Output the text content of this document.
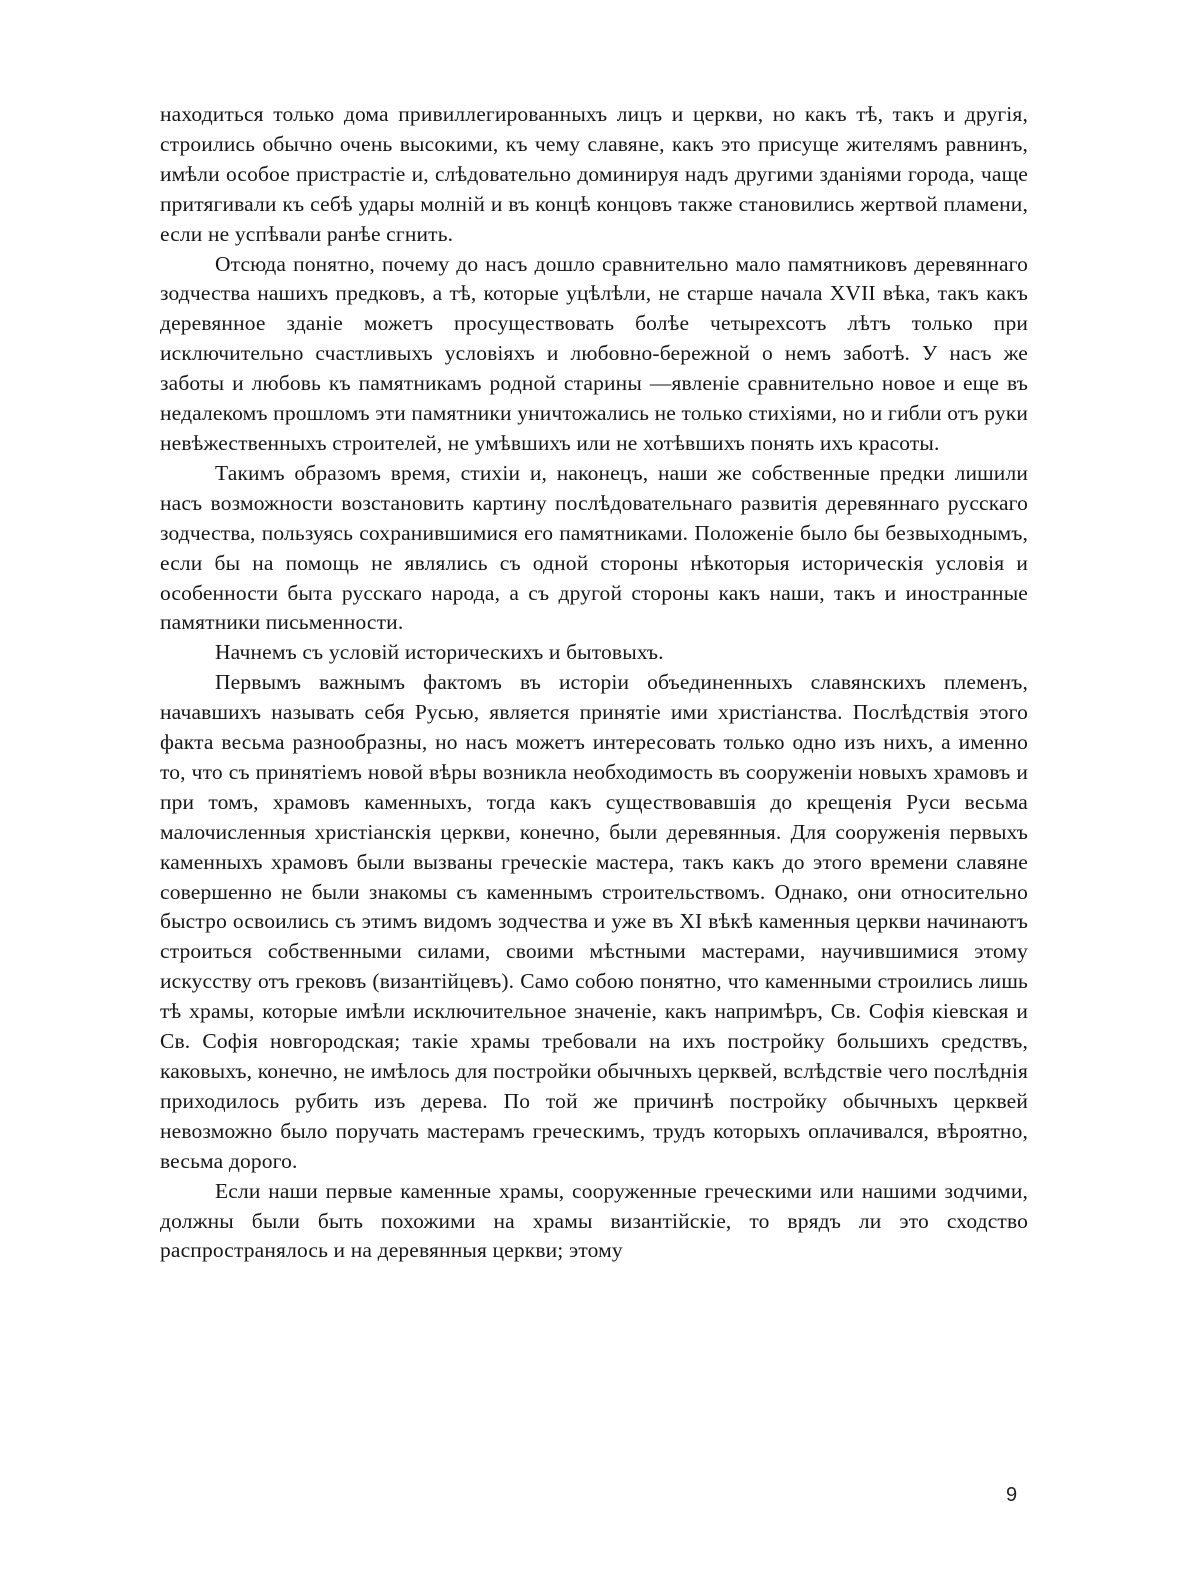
находиться только дома привиллегированныхъ лицъ и церкви, но какъ тѣ, такъ и другія, строились обычно очень высокими, къ чему славяне, какъ это присуще жителямъ равнинъ, имѣли особое пристрастіе и, слѣдовательно доминируя надъ другими зданіями города, чаще притягивали къ себѣ удары молній и въ концѣ концовъ также становились жертвой пламени, если не успѣвали ранѣе сгнить.

Отсюда понятно, почему до насъ дошло сравнительно мало памятниковъ деревяннаго зодчества нашихъ предковъ, а тѣ, которые уцѣлѣли, не старше начала XVII вѣка, такъ какъ деревянное зданіе можетъ просуществовать болѣе четырехсотъ лѣтъ только при исключительно счастливыхъ условіяхъ и любовно-бережной о немъ заботѣ. У насъ же заботы и любовь къ памятникамъ родной старины —явленіе сравнительно новое и еще въ недалекомъ прошломъ эти памятники уничтожались не только стихіями, но и гибли отъ руки невѣжественныхъ строителей, не умѣвшихъ или не хотѣвшихъ понять ихъ красоты.

Такимъ образомъ время, стихіи и, наконецъ, наши же собственные предки лишили насъ возможности возстановить картину послѣдовательнаго развитія деревяннаго русскаго зодчества, пользуясь сохранившимися его памятниками. Положеніе было бы безвыходнымъ, если бы на помощь не являлись съ одной стороны нѣкоторыя историческія условія и особенности быта русскаго народа, а съ другой стороны какъ наши, такъ и иностранные памятники письменности.

Начнемъ съ условій историческихъ и бытовыхъ.

Первымъ важнымъ фактомъ въ исторіи объединенныхъ славянскихъ племенъ, начавшихъ называть себя Русью, является принятіе ими христіанства. Послѣдствія этого факта весьма разнообразны, но насъ можетъ интересовать только одно изъ нихъ, а именно то, что съ принятіемъ новой вѣры возникла необходимость въ сооруженіи новыхъ храмовъ и при томъ, храмовъ каменныхъ, тогда какъ существовавшія до крещенія Руси весьма малочисленныя христіанскія церкви, конечно, были деревянныя. Для сооруженія первыхъ каменныхъ храмовъ были вызваны греческіе мастера, такъ какъ до этого времени славяне совершенно не были знакомы съ каменнымъ строительствомъ. Однако, они относительно быстро освоились съ этимъ видомъ зодчества и уже въ XI вѣкѣ каменныя церкви начинаютъ строиться собственными силами, своими мѣстными мастерами, научившимися этому искусству отъ грековъ (византійцевъ). Само собою понятно, что каменными строились лишь тѣ храмы, которые имѣли исключительное значеніе, какъ напримѣръ, Св. Софія кіевская и Св. Софія новгородская; такіе храмы требовали на ихъ постройку большихъ средствъ, каковыхъ, конечно, не имѣлось для постройки обычныхъ церквей, вслѣдствіе чего послѣднія приходилось рубить изъ дерева. По той же причинѣ постройку обычныхъ церквей невозможно было поручать мастерамъ греческимъ, трудъ которыхъ оплачивался, вѣроятно, весьма дорого.

Если наши первые каменные храмы, сооруженные греческими или нашими зодчими, должны были быть похожими на храмы византійскіе, то врядъ ли это сходство распространялось и на деревянныя церкви; этому

9
